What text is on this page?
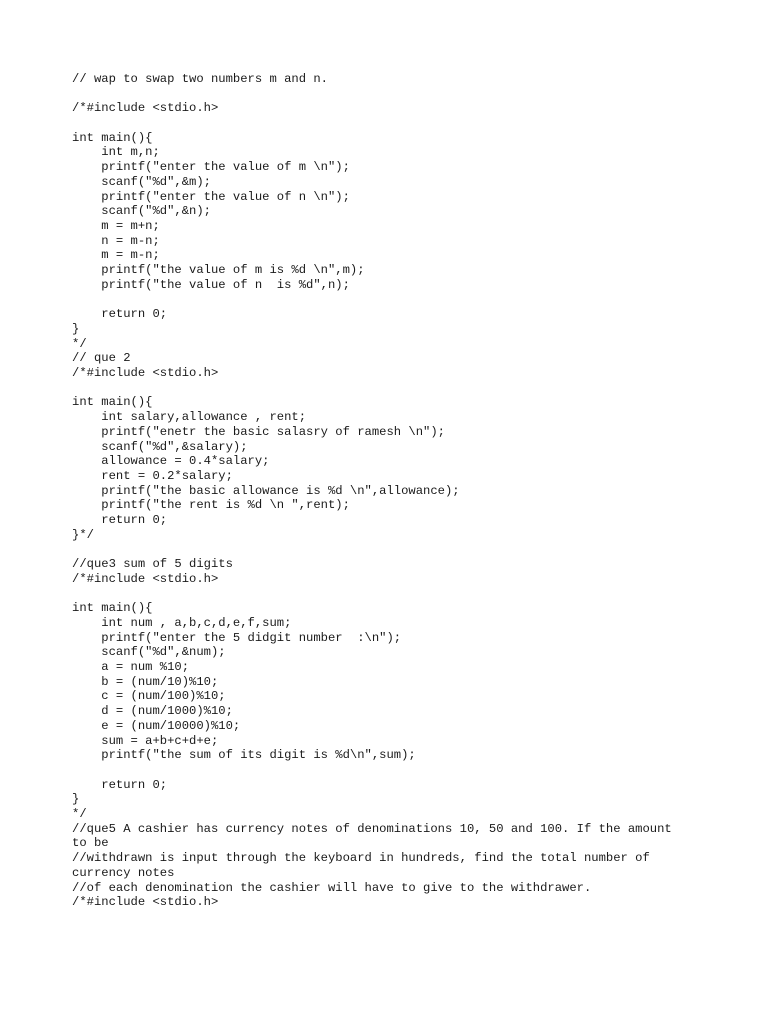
// wap to swap two numbers m and n.
/*#include <stdio.h>
int main(){
int m,n;
printf("enter the value of m \n");
scanf("%d",&m);
printf("enter the value of n \n");
scanf("%d",&n);
m = m+n;
n = m-n;
m = m-n;
printf("the value of m is %d \n",m);
printf("the value of n  is %d",n);
return 0;
}
*/
// que 2
/*#include <stdio.h>
int main(){
int salary,allowance , rent;
printf("enetr the basic salasry of ramesh \n");
scanf("%d",&salary);
allowance = 0.4*salary;
rent = 0.2*salary;
printf("the basic allowance is %d \n",allowance);
printf("the rent is %d \n ",rent);
return 0;
}*/
//que3 sum of 5 digits
/*#include <stdio.h>
int main(){
int num , a,b,c,d,e,f,sum;
printf("enter the 5 didgit number  :\n");
scanf("%d",&num);
a = num %10;
b = (num/10)%10;
c = (num/100)%10;
d = (num/1000)%10;
e = (num/10000)%10;
sum = a+b+c+d+e;
printf("the sum of its digit is %d\n",sum);
return 0;
}
*/
//que5 A cashier has currency notes of denominations 10, 50 and 100. If the amount
to be
//withdrawn is input through the keyboard in hundreds, find the total number of
currency notes
//of each denomination the cashier will have to give to the withdrawer.
/*#include <stdio.h>
